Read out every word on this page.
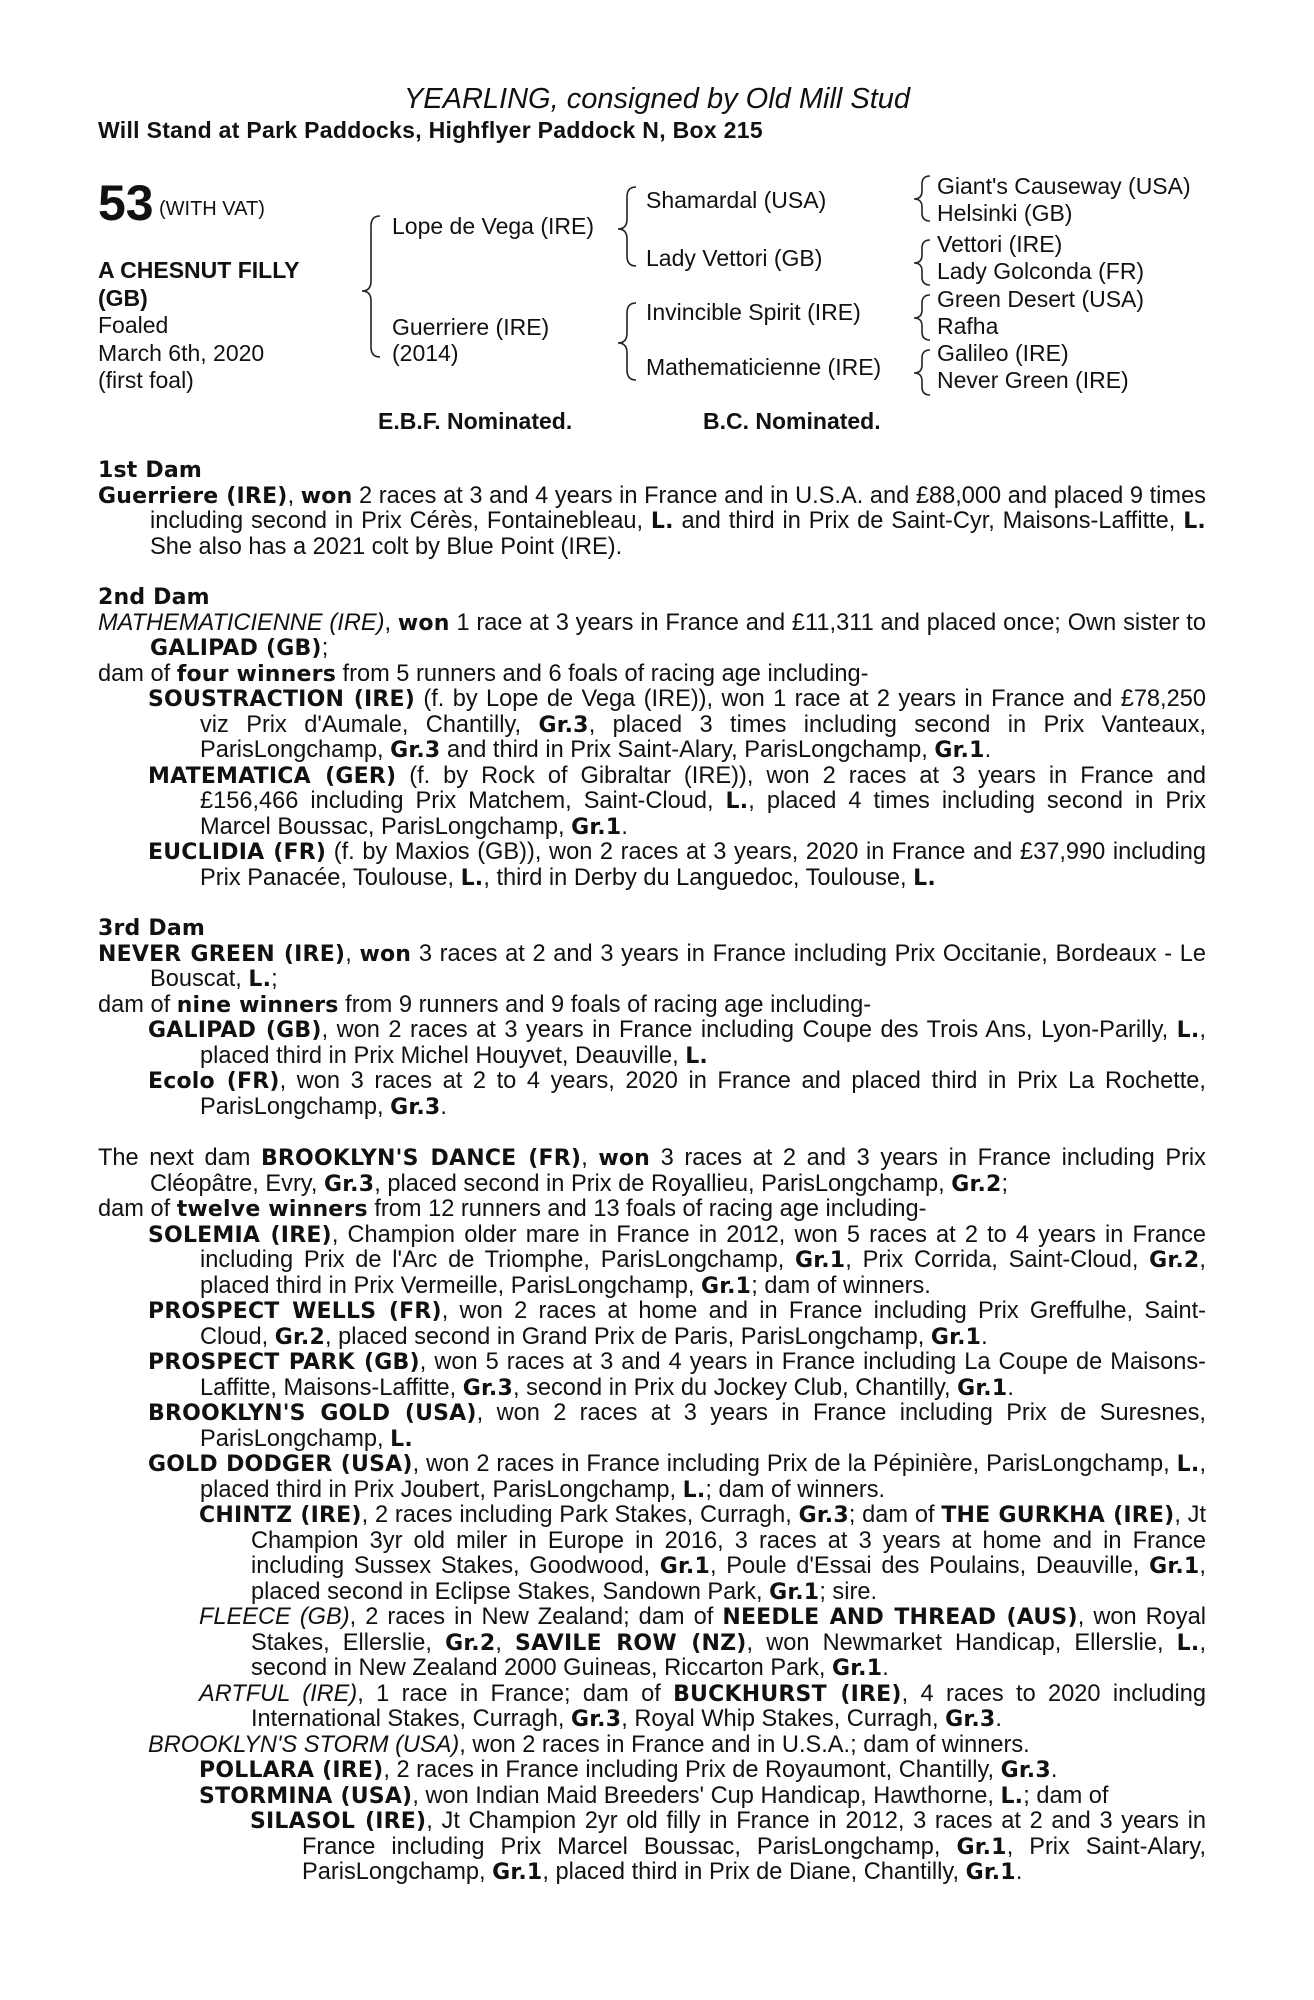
YEARLING, consigned by Old Mill Stud
Will Stand at Park Paddocks, Highflyer Paddock N, Box 215
53 (WITH VAT)
A CHESNUT FILLY
(GB)
Foaled
March 6th, 2020
(first foal)
Lope de Vega (IRE)
Guerriere (IRE)
(2014)
Shamardal (USA)
Lady Vettori (GB)
Invincible Spirit (IRE)
Mathematicienne (IRE)
Giant's Causeway (USA)
Helsinki (GB)
Vettori (IRE)
Lady Golconda (FR)
Green Desert (USA)
Rafha
Galileo (IRE)
Never Green (IRE)
E.B.F. Nominated.	B.C. Nominated.
1st Dam
Guerriere (IRE), won 2 races at 3 and 4 years in France and in U.S.A. and £88,000 and placed 9 times including second in Prix Cérès, Fontainebleau, L. and third in Prix de Saint-Cyr, Maisons-Laffitte, L. She also has a 2021 colt by Blue Point (IRE).
2nd Dam
MATHEMATICIENNE (IRE), won 1 race at 3 years in France and £11,311 and placed once; Own sister to GALIPAD (GB);
dam of four winners from 5 runners and 6 foals of racing age including-
SOUSTRACTION (IRE) (f. by Lope de Vega (IRE)), won 1 race at 2 years in France and £78,250 viz Prix d'Aumale, Chantilly, Gr.3, placed 3 times including second in Prix Vanteaux, ParisLongchamp, Gr.3 and third in Prix Saint-Alary, ParisLongchamp, Gr.1.
MATEMATICA (GER) (f. by Rock of Gibraltar (IRE)), won 2 races at 3 years in France and £156,466 including Prix Matchem, Saint-Cloud, L., placed 4 times including second in Prix Marcel Boussac, ParisLongchamp, Gr.1.
EUCLIDIA (FR) (f. by Maxios (GB)), won 2 races at 3 years, 2020 in France and £37,990 including Prix Panacée, Toulouse, L., third in Derby du Languedoc, Toulouse, L.
3rd Dam
NEVER GREEN (IRE), won 3 races at 2 and 3 years in France including Prix Occitanie, Bordeaux - Le Bouscat, L.;
dam of nine winners from 9 runners and 9 foals of racing age including-
GALIPAD (GB), won 2 races at 3 years in France including Coupe des Trois Ans, Lyon-Parilly, L., placed third in Prix Michel Houyvet, Deauville, L.
Ecolo (FR), won 3 races at 2 to 4 years, 2020 in France and placed third in Prix La Rochette, ParisLongchamp, Gr.3.
The next dam BROOKLYN'S DANCE (FR), won 3 races at 2 and 3 years in France including Prix Cléopâtre, Evry, Gr.3, placed second in Prix de Royallieu, ParisLongchamp, Gr.2;
dam of twelve winners from 12 runners and 13 foals of racing age including-
SOLEMIA (IRE), Champion older mare in France in 2012, won 5 races at 2 to 4 years in France including Prix de l'Arc de Triomphe, ParisLongchamp, Gr.1, Prix Corrida, Saint-Cloud, Gr.2, placed third in Prix Vermeille, ParisLongchamp, Gr.1; dam of winners.
PROSPECT WELLS (FR), won 2 races at home and in France including Prix Greffulhe, Saint-Cloud, Gr.2, placed second in Grand Prix de Paris, ParisLongchamp, Gr.1.
PROSPECT PARK (GB), won 5 races at 3 and 4 years in France including La Coupe de Maisons-Laffitte, Maisons-Laffitte, Gr.3, second in Prix du Jockey Club, Chantilly, Gr.1.
BROOKLYN'S GOLD (USA), won 2 races at 3 years in France including Prix de Suresnes, ParisLongchamp, L.
GOLD DODGER (USA), won 2 races in France including Prix de la Pépinière, ParisLongchamp, L., placed third in Prix Joubert, ParisLongchamp, L.; dam of winners.
CHINTZ (IRE), 2 races including Park Stakes, Curragh, Gr.3; dam of THE GURKHA (IRE), Jt Champion 3yr old miler in Europe in 2016, 3 races at 3 years at home and in France including Sussex Stakes, Goodwood, Gr.1, Poule d'Essai des Poulains, Deauville, Gr.1, placed second in Eclipse Stakes, Sandown Park, Gr.1; sire.
FLEECE (GB), 2 races in New Zealand; dam of NEEDLE AND THREAD (AUS), won Royal Stakes, Ellerslie, Gr.2, SAVILE ROW (NZ), won Newmarket Handicap, Ellerslie, L., second in New Zealand 2000 Guineas, Riccarton Park, Gr.1.
ARTFUL (IRE), 1 race in France; dam of BUCKHURST (IRE), 4 races to 2020 including International Stakes, Curragh, Gr.3, Royal Whip Stakes, Curragh, Gr.3.
BROOKLYN'S STORM (USA), won 2 races in France and in U.S.A.; dam of winners.
POLLARA (IRE), 2 races in France including Prix de Royaumont, Chantilly, Gr.3.
STORMINA (USA), won Indian Maid Breeders' Cup Handicap, Hawthorne, L.; dam of
SILASOL (IRE), Jt Champion 2yr old filly in France in 2012, 3 races at 2 and 3 years in France including Prix Marcel Boussac, ParisLongchamp, Gr.1, Prix Saint-Alary, ParisLongchamp, Gr.1, placed third in Prix de Diane, Chantilly, Gr.1.
